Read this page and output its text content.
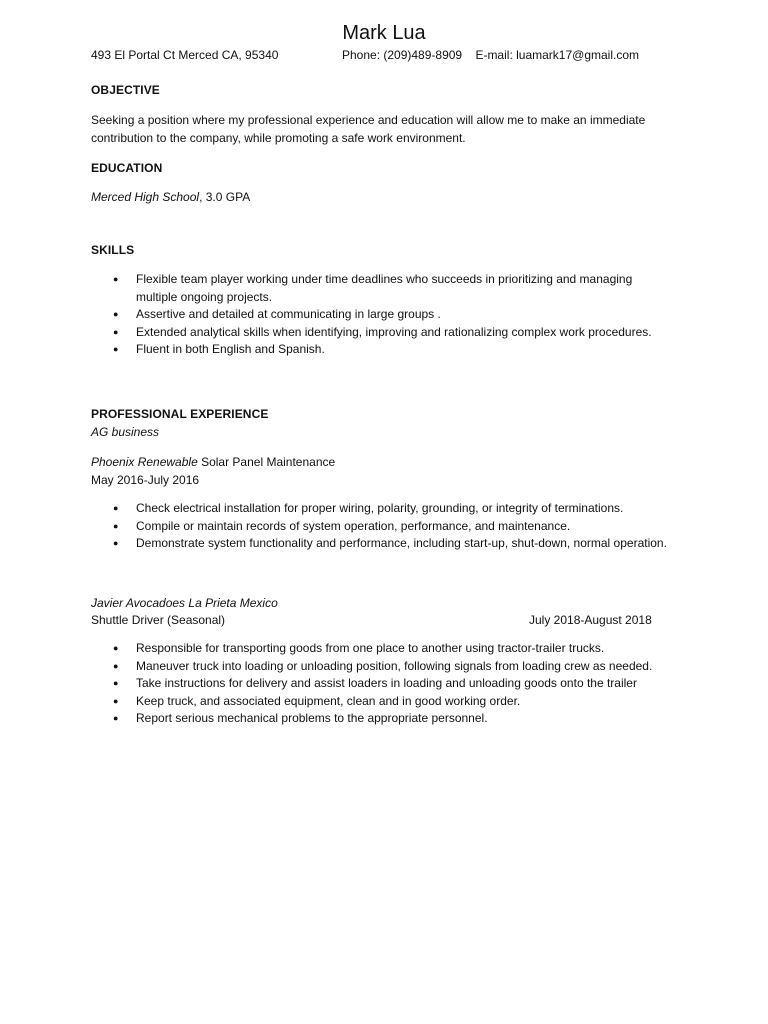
Mark Lua
493 El Portal Ct Merced CA, 95340	Phone: (209)489-8909 E-mail: luamark17@gmail.com
OBJECTIVE
Seeking a position where my professional experience and education will allow me to make an immediate contribution to the company, while promoting a safe work environment.
EDUCATION
Merced High School, 3.0 GPA
SKILLS
● Flexible team player working under time deadlines who succeeds in prioritizing and managing multiple ongoing projects.
● Assertive and detailed at communicating in large groups .
● Extended analytical skills when identifying, improving and rationalizing complex work procedures.
● Fluent in both English and Spanish.
PROFESSIONAL EXPERIENCE
AG business
Phoenix Renewable Solar Panel Maintenance
May 2016-July 2016
● Check electrical installation for proper wiring, polarity, grounding, or integrity of terminations.
● Compile or maintain records of system operation, performance, and maintenance.
● Demonstrate system functionality and performance, including start-up, shut-down, normal operation.
Javier Avocadoes La Prieta Mexico
Shuttle Driver (Seasonal)	July 2018-August 2018
● Responsible for transporting goods from one place to another using tractor-trailer trucks.
● Maneuver truck into loading or unloading position, following signals from loading crew as needed.
● Take instructions for delivery and assist loaders in loading and unloading goods onto the trailer
● Keep truck, and associated equipment, clean and in good working order.
● Report serious mechanical problems to the appropriate personnel.
